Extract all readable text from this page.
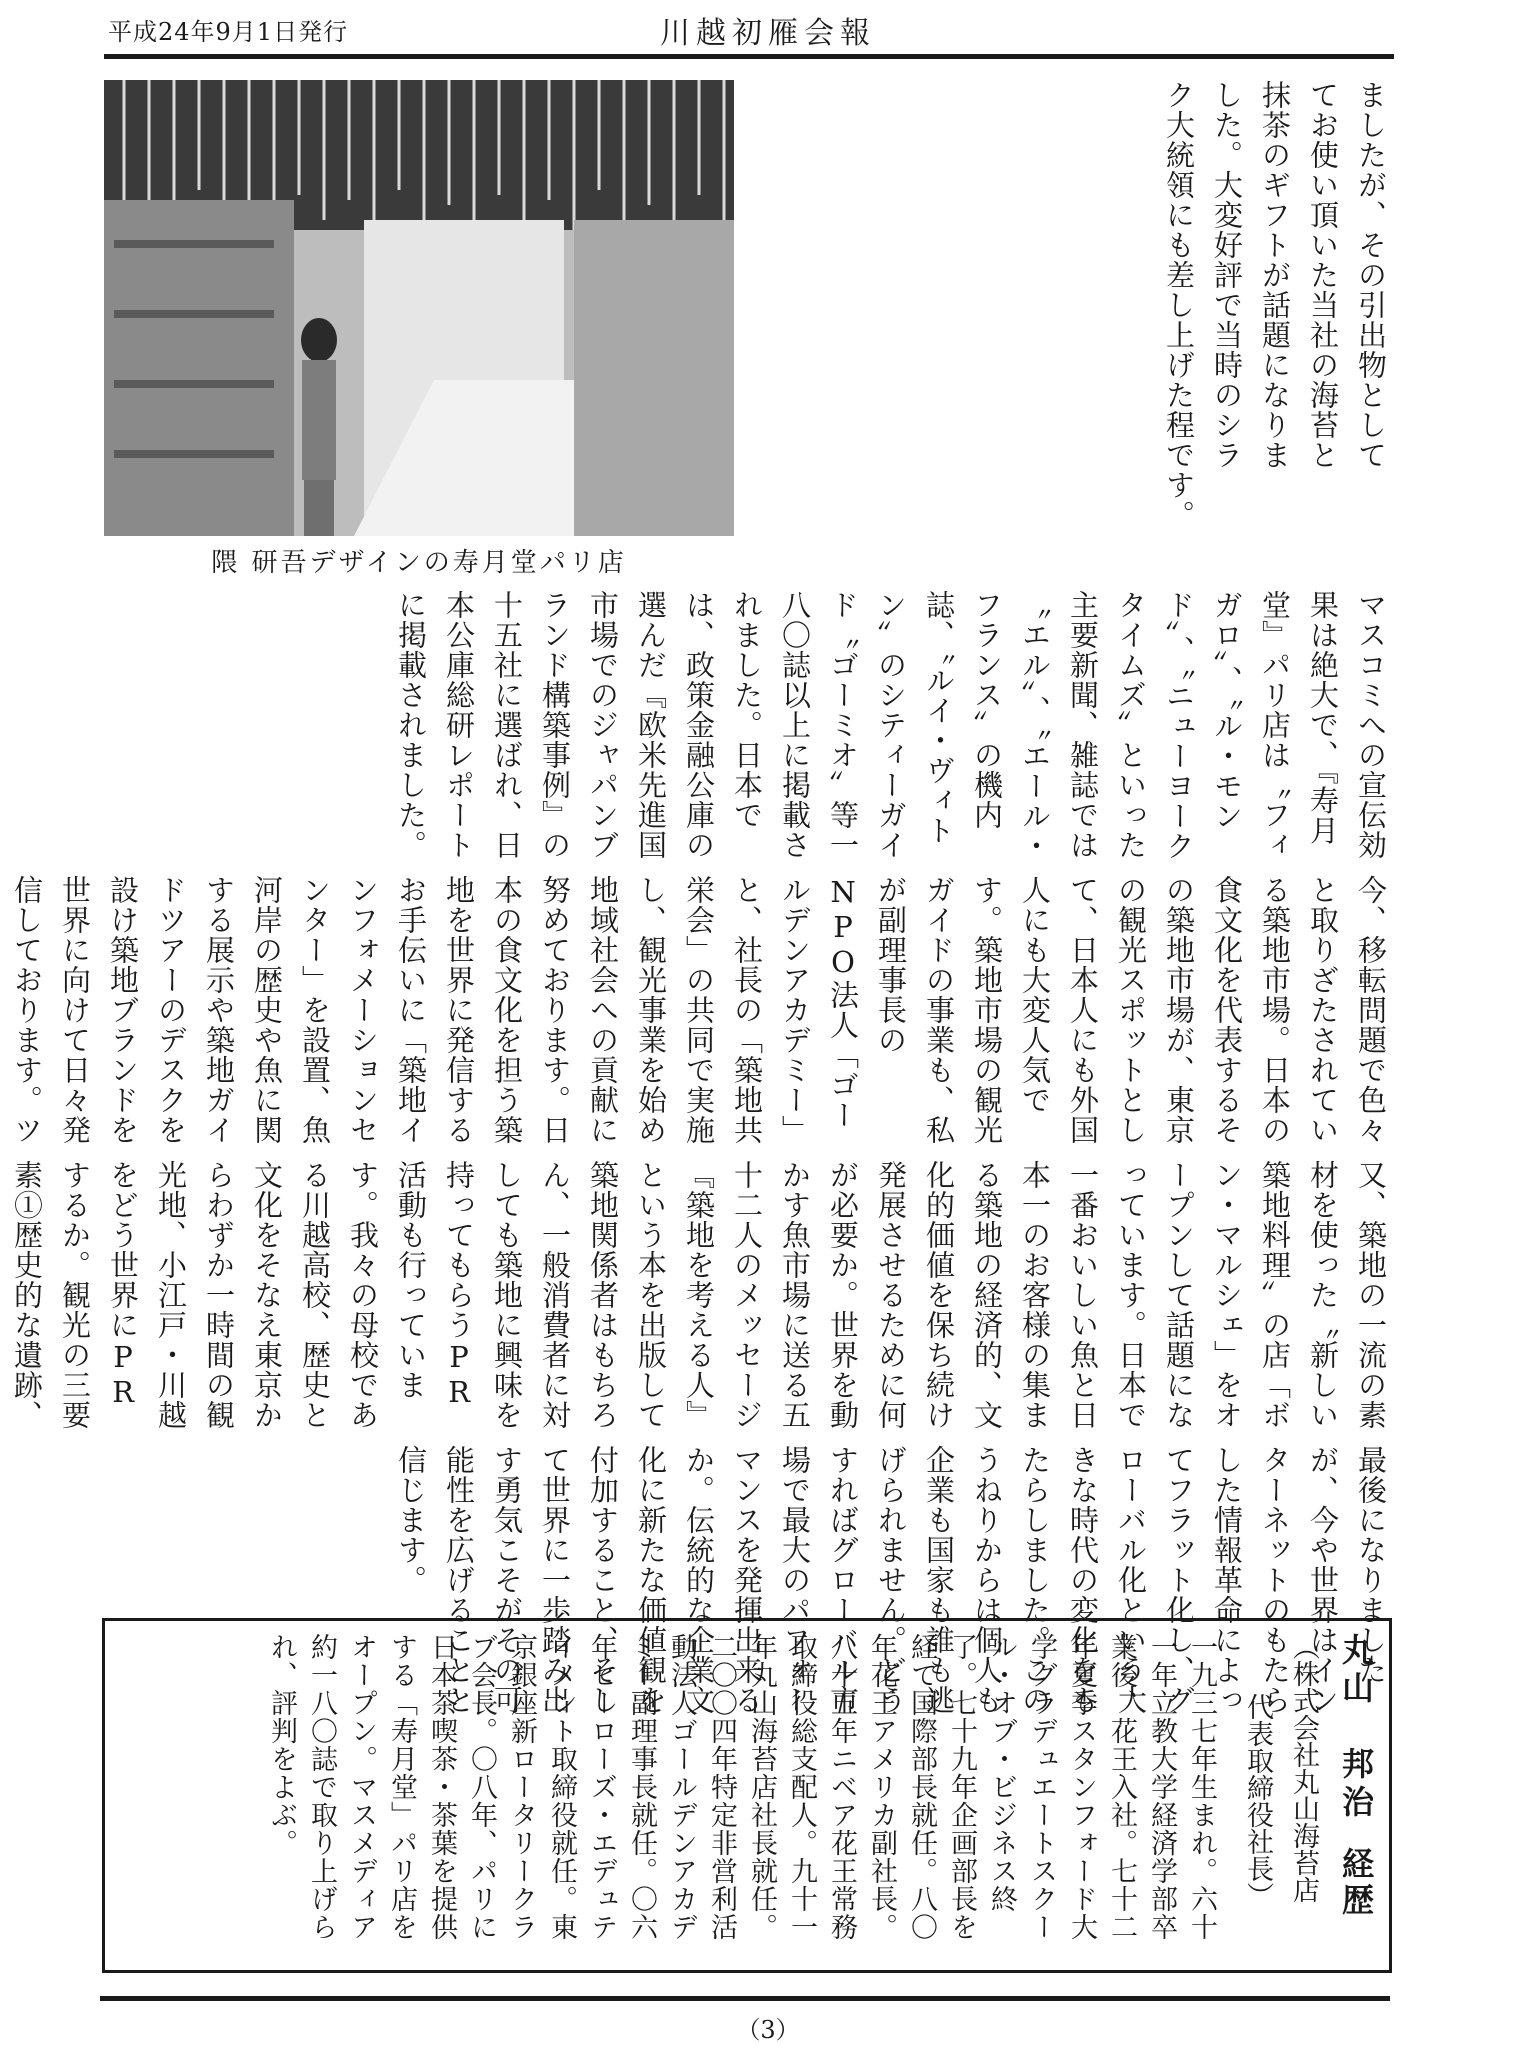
平成24年9月1日発行	川越初雁会報
隈 研吾デザインの寿月堂パリ店
ましたが、その引出物として
てお使い頂いた当社の海苔と
抹茶のギフトが話題になりま
した。大変好評で当時のシラ
ク大統領にも差し上げた程です。
マスコミへの宣伝効果は絶大で、『寿月堂』パリ店は〝フィガロ〟、〝ル・モンド〟、〝ニューヨークタイムズ〟といった主要新聞、雑誌では〝エル〟、〝エール・フランス〟の機内誌、〝ルイ・ヴィトン〟のシティーガイド〝ゴーミオ〟等一八〇誌以上に掲載されました。日本では、政策金融公庫の選んだ『欧米先進国市場でのジャパンブランド構築事例』の十五社に選ばれ、日本公庫総研レポートに掲載されました。
今、移転問題で色々と取りざたされている築地市場。日本の食文化を代表するその築地市場が、東京の観光スポットとして、日本人にも外国人にも大変人気です。築地市場の観光ガイドの事業も、私が副理事長のNPO法人「ゴールデンアカデミー」と、社長の「築地共栄会」の共同で実施し、観光事業を始め地域社会への貢献に努めております。日本の食文化を担う築地を世界に発信するお手伝いに「築地インフォメーションセンター」を設置、魚河岸の歴史や魚に関する展示や築地ガイドツアーのデスクを設け築地ブランドを世界に向けて日々発信しております。ツ
又、築地の一流の素材を使った〝新しい築地料理〟の店「ボン・マルシェ」をオープンして話題になっています。日本で一番おいしい魚と日本一のお客様の集まる築地の経済的、文化的価値を保ち続け発展させるために何が必要か。世界を動かす魚市場に送る五十二人のメッセージ『築地を考える人』という本を出版して築地関係者はもちろん、一般消費者に対しても築地に興味を持ってもらうPR活動も行っています。我々の母校である川越高校、歴史と文化をそなえ東京からわずか一時間の観光地、小江戸・川越をどう世界にPRするか。観光の三要素①歴史的な遺跡、
最後になりましたが、今や世界はインターネットのもたらした情報革命によってフラット化し、グローバル化という大きな時代の変化をもたらしました。このうねりからは個人も企業も国家も誰も逃げられません。どうすればグローバル市場で最大のパフォーマンスを発揮出来るか。伝統的な企業文化に新たな価値観を付加すること、そして世界に一歩踏み出す勇気こそがその可能性を広げることと信じます。
丸山　邦治経歴
（株式会社丸山海苔店
代表取締役社長）
一九三七年生まれ。六十一年立教大学経済学部卒業後、花王入社。七十二年夏季スタンフォード大学グラデュエートスクール・オブ・ビジネス終了。七十九年企画部長を経て国際部長就任。八〇年花王アメリカ副社長。八十五年ニベア花王常務取締役総支配人。九十一年丸山海苔店社長就任。二〇〇四年特定非営利活動法人ゴールデンアカデミー副理事長就任。〇六年ヒーローズ・エデュテイメント取締役就任。東京銀座新ロータリークラブ会長。〇八年、パリに日本茶喫茶・茶葉を提供する「寿月堂」パリ店をオープン。マスメディア約一八〇誌で取り上げられ、評判をよぶ。
（3）
